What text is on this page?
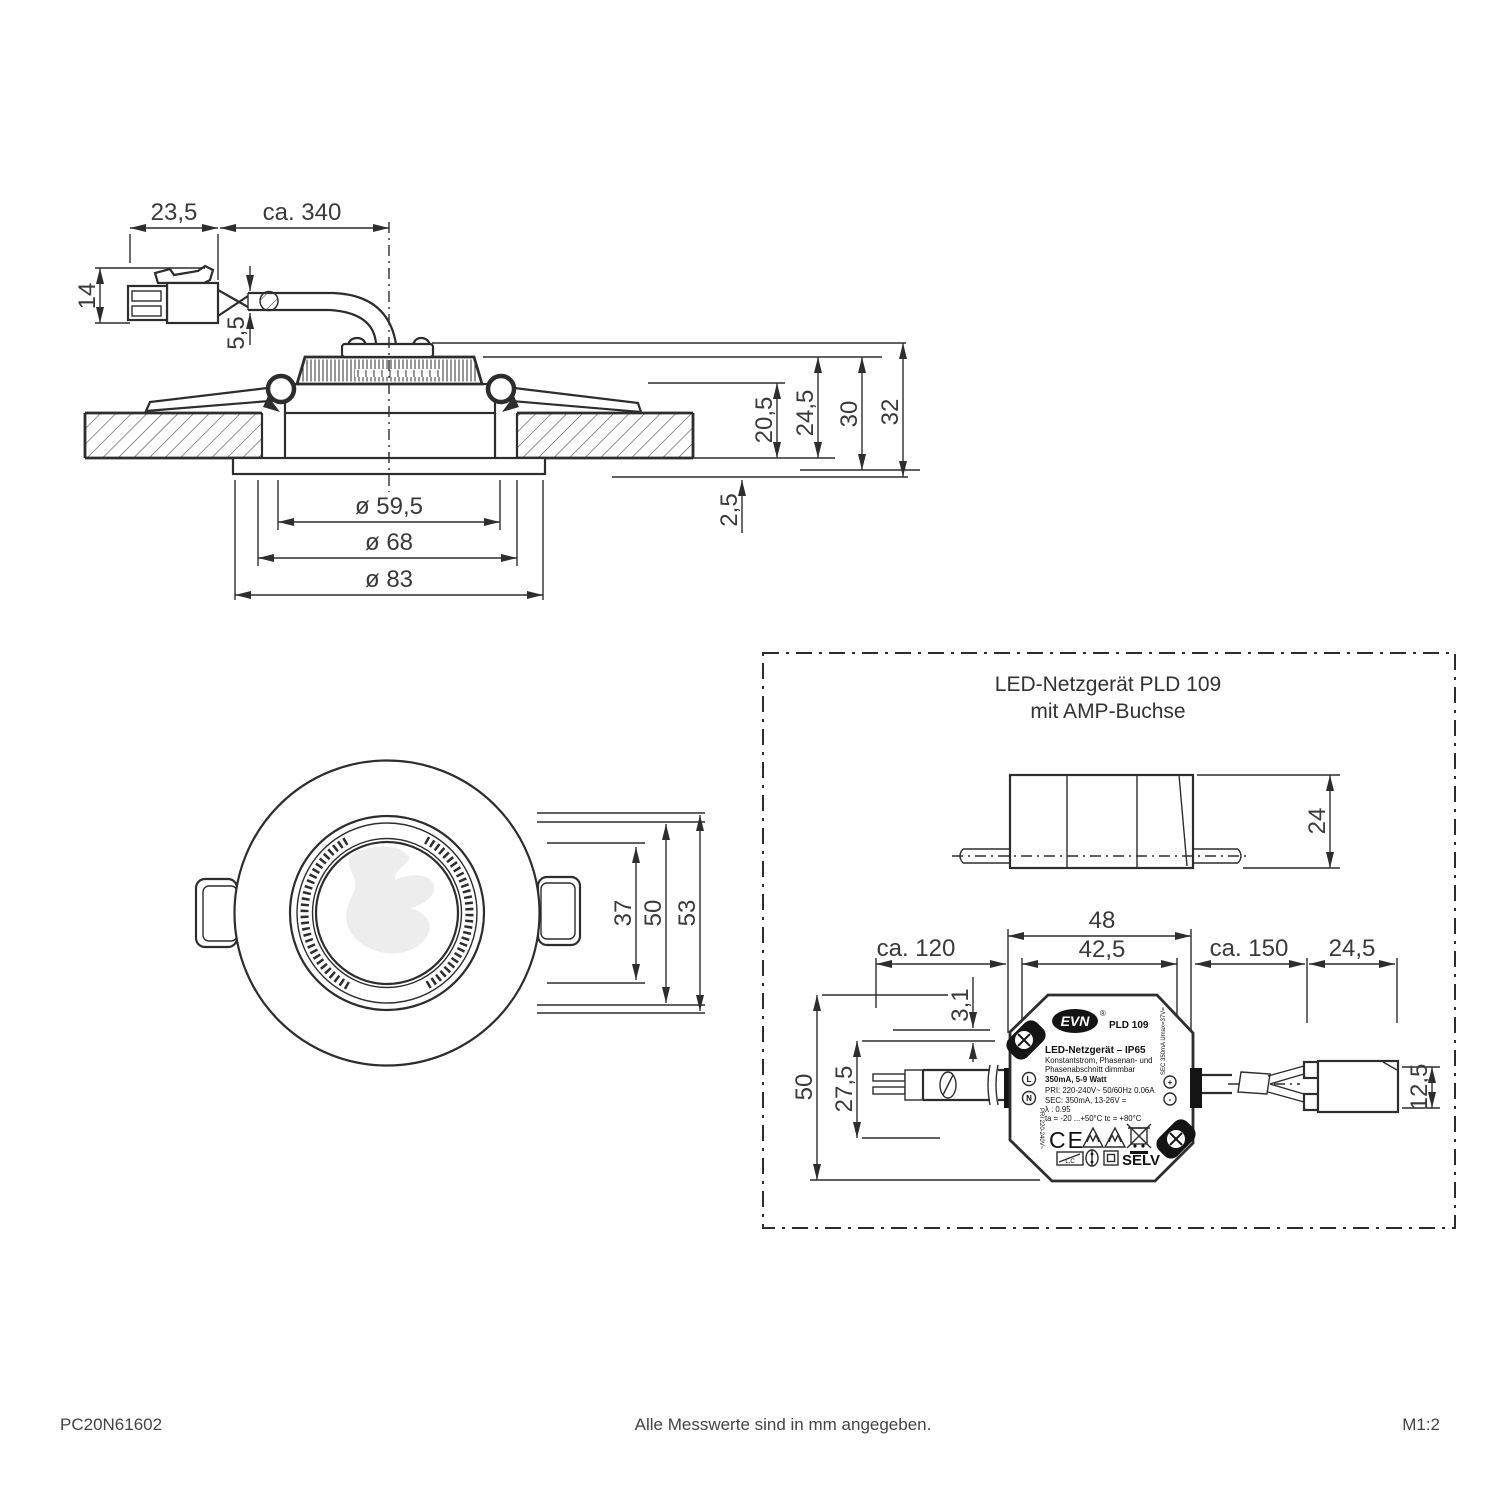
23,5	ca. 340
14
5,5
20,5 24,5 30 32
2,5
ø 59,5
ø 68
ø 83
37 50 53
LED-Netzgerät PLD 109
mit AMP-Buchse
24
48
ca. 120	42,5	ca. 150 24,5
3,1
27,5
50	12,5
EVN ®
PLD 109
LED-Netzgerät – IP65
Konstantstrom, Phasenan- und
Phasenabschnitt dimmbar
350mA, 5-9 Watt
PRI: 220-240V~ 50/60Hz 0.06A
SEC: 350mA, 13-26V =
λ : 0.95
ta = -20 ...+50°C tc = +80°C
L
N
PRI 220-240V~
SEC 350mA Umax=37V=
+
-
CE
L,C	SELV
PC20N61602	Alle Messwerte sind in mm angegeben.	M1:2
